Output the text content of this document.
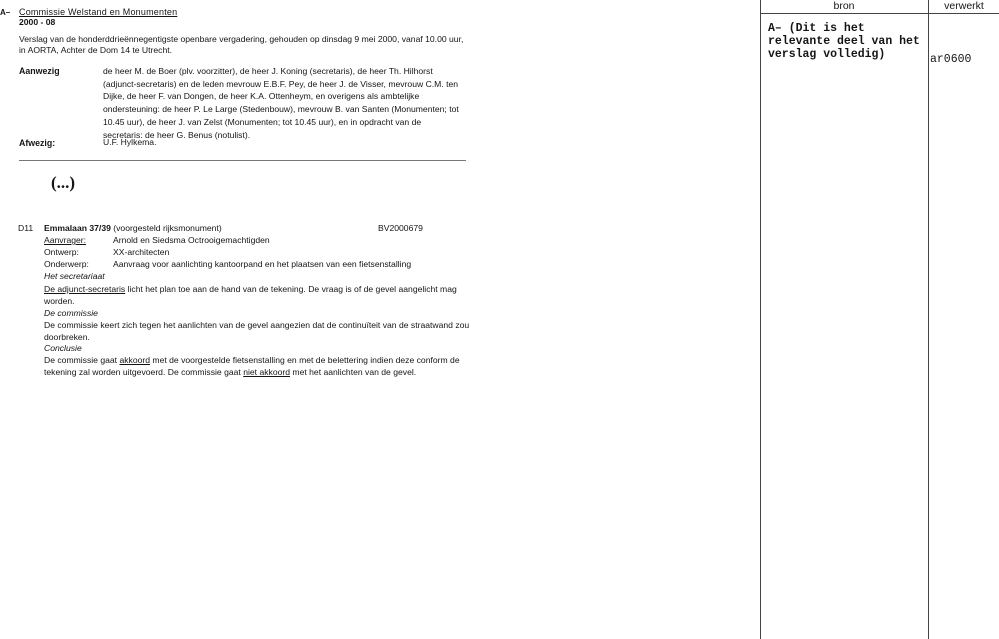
A– Commissie Welstand en Monumenten
2000 - 08
Verslag van de honderddrieënnegentigste openbare vergadering, gehouden op dinsdag 9 mei 2000, vanaf 10.00 uur, in AORTA, Achter de Dom 14 te Utrecht.
Aanwezig	de heer M. de Boer (plv. voorzitter), de heer J. Koning (secretaris), de heer Th. Hilhorst (adjunct-secretaris) en de leden mevrouw E.B.F. Pey, de heer J. de Visser, mevrouw C.M. ten Dijke, de heer F. van Dongen, de heer K.A. Ottenheym, en overigens als ambtelijke ondersteuning: de heer P. Le Large (Stedenbouw), mevrouw B. van Santen (Monumenten; tot 10.45 uur), de heer J. van Zelst (Monumenten; tot 10.45 uur), en in opdracht van de secretaris: de heer G. Benus (notulist).
Afwezig:	U.F. Hylkema.
(...)
D11 Emmalaan 37/39 (voorgesteld rijksmonument)	BV2000679
Aanvrager:	Arnold en Siedsma Octrooigemachtigden
Ontwerp:	XX-architecten
Onderwerp:	Aanvraag voor aanlichting kantoorpand en het plaatsen van een fietsenstalling
Het secretariaat
De adjunct-secretaris licht het plan toe aan de hand van de tekening. De vraag is of de gevel aangelicht mag worden.
De commissie
De commissie keert zich tegen het aanlichten van de gevel aangezien dat de continuïteit van de straatwand zou doorbreken.
Conclusie
De commissie gaat akkoord met de voorgestelde fietsenstalling en met de belettering indien deze conform de tekening zal worden uitgevoerd. De commissie gaat niet akkoord met het aanlichten van de gevel.
bron	verwerkt
A– (Dit is het relevante deel van het verslag volledig)	ar0600
